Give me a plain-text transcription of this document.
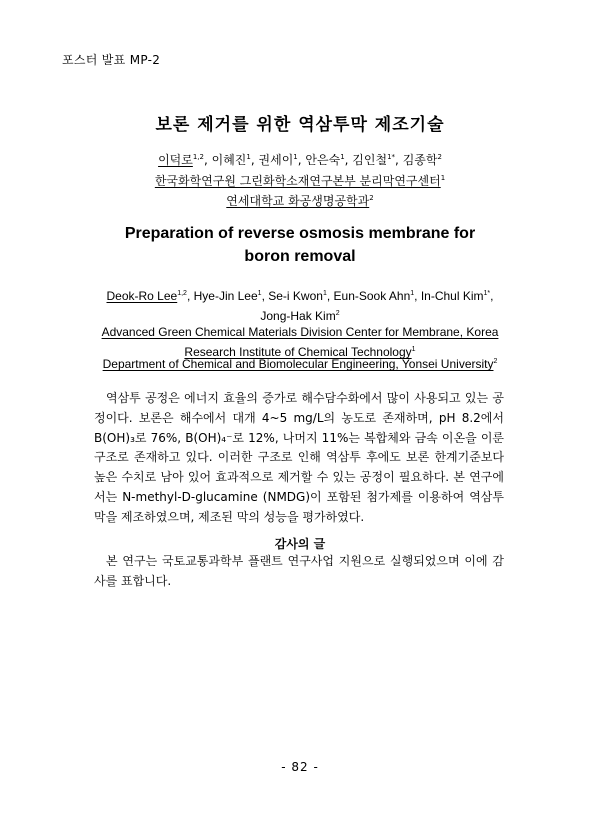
포스터 발표 MP-2
보론 제거를 위한 역삼투막 제조기술
이덕로$^{1,2}$, 이혜진$^1$, 권세이$^1$, 안은숙$^1$, 김인철$^{1*}$, 김종학$^2$
한국화학연구원 그린화학소재연구본부 분리막연구센터$^1$
연세대학교 화공생명공학과$^2$
Preparation of reverse osmosis membrane for
boron removal
Deok-Ro Lee$^{1,2}$, Hye-Jin Lee$^1$, Se-i Kwon$^1$, Eun-Sook Ahn$^1$, In-Chul Kim$^{1*}$,
Jong-Hak Kim$^2$
Advanced Green Chemical Materials Division Center for Membrane, Korea
Research Institute of Chemical Technology$^1$
Department of Chemical and Biomolecular Engineering, Yonsei University$^2$

역삼투 공정은 에너지 효율의 증가로 해수담수화에서 많이 사용되고 있는 공정이다. 보론은 해수에서 대개 4~5 mg/L의 농도로 존재하며, pH 8.2에서 B(OH)₃로 76%, B(OH)₄⁻로 12%, 나머지 11%는 복합체와 금속 이온을 이룬 구조로 존재하고 있다. 이러한 구조로 인해 역삼투 후에도 보론 한계기준보다 높은 수치로 남아 있어 효과적으로 제거할 수 있는 공정이 필요하다. 본 연구에서는 N-methyl-D-glucamine (NMDG)이 포함된 첨가제를 이용하여 역삼투막을 제조하였으며, 제조된 막의 성능을 평가하였다.

감사의 글

본 연구는 국토교통과학부 플랜트 연구사업 지원으로 실행되었으며 이에 감사를 표합니다.

- 82 -
